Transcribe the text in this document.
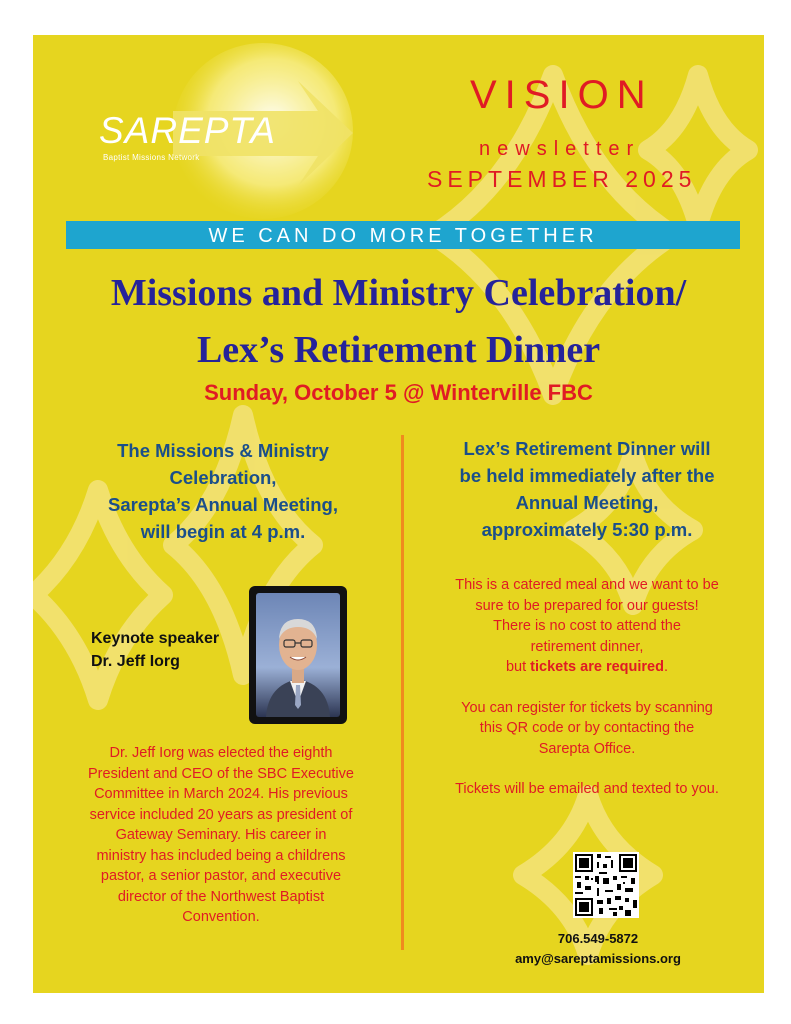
SAREPTA
Baptist Missions Network
VISION
newsletter
SEPTEMBER 2025
WE CAN DO MORE TOGETHER
Missions and Ministry Celebration/
Lex’s Retirement Dinner
Sunday, October 5 @ Winterville FBC
The Missions & Ministry
Celebration,
Sarepta’s Annual Meeting,
will begin at 4 p.m.
Keynote speaker
Dr. Jeff Iorg
Dr. Jeff Iorg was elected the eighth
President and CEO of the SBC Executive
Committee in March 2024. His previous
service included 20 years as president of
Gateway Seminary. His career in
ministry has included being a childrens
pastor, a senior pastor, and executive
director of the Northwest Baptist
Convention.
Lex’s Retirement Dinner will
be held immediately after the
Annual Meeting,
approximately 5:30 p.m.

This is a catered meal and we want to be

sure to be prepared for our guests!

There is no cost to attend the

retirement dinner,

but tickets are required.

You can register for tickets by scanning

this QR code or by contacting the

Sarepta Office.

Tickets will be emailed and texted to you.

706.549-5872
amy@sareptamissions.org
